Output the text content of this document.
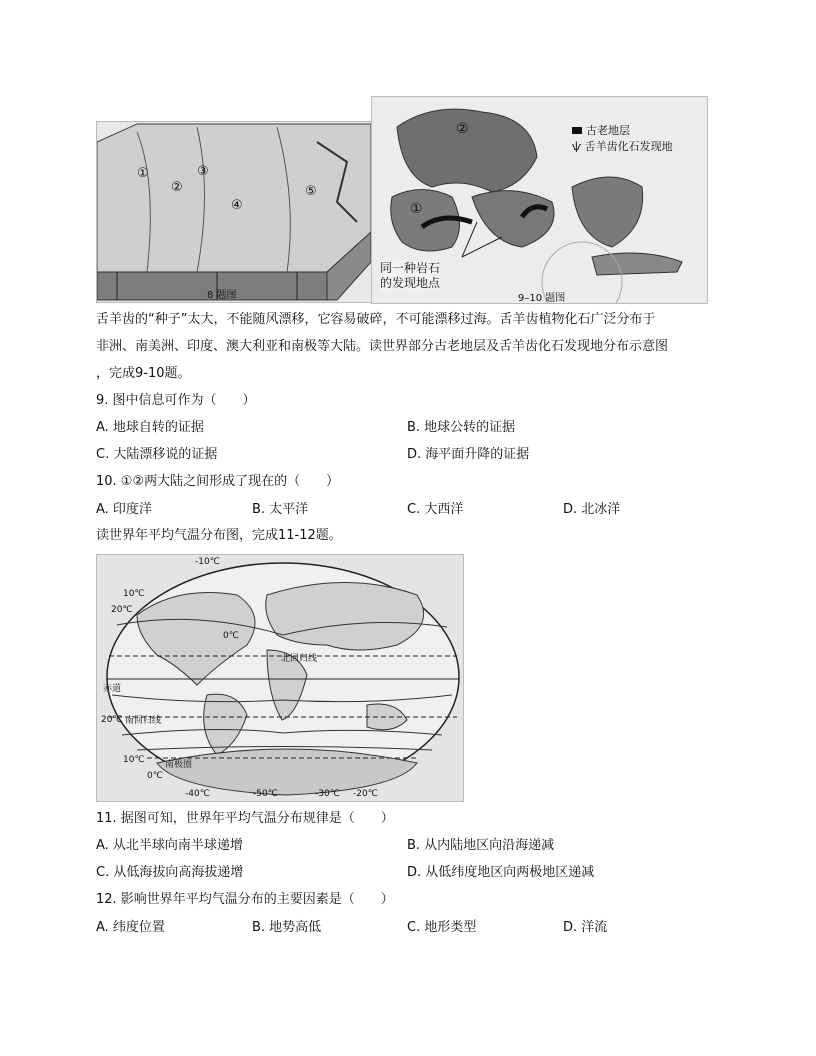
①
②
③
④
⑤
8 题图
②
①
古老地层
ѱ 舌羊齿化石发现地
同一种岩石
的发现地点
9–10 题图
舌羊齿的“种子”太大，不能随风漂移，它容易破碎，不可能漂移过海。舌羊齿植物化石广泛分布于
非洲、南美洲、印度、澳大利亚和南极等大陆。读世界部分古老地层及舌羊齿化石发现地分布示意图
，完成9-10题。
9. 图中信息可作为（　　）
A. 地球自转的证据	B. 地球公转的证据
C. 大陆漂移说的证据	D. 海平面升降的证据
10. ①②两大陆之间形成了现在的（　　）
A. 印度洋	B. 太平洋	C. 大西洋	D. 北冰洋
读世界年平均气温分布图，完成11-12题。
-10℃
10℃
20℃
0℃
北回归线
赤道
20℃ 南回归线
10℃
0℃
南极圈
-40℃	-50℃	-30℃ -20℃
11. 据图可知，世界年平均气温分布规律是（　　）
A. 从北半球向南半球递增	B. 从内陆地区向沿海递减
C. 从低海拔向高海拔递增	D. 从低纬度地区向两极地区递减
12. 影响世界年平均气温分布的主要因素是（　　）
A. 纬度位置	B. 地势高低	C. 地形类型	D. 洋流
